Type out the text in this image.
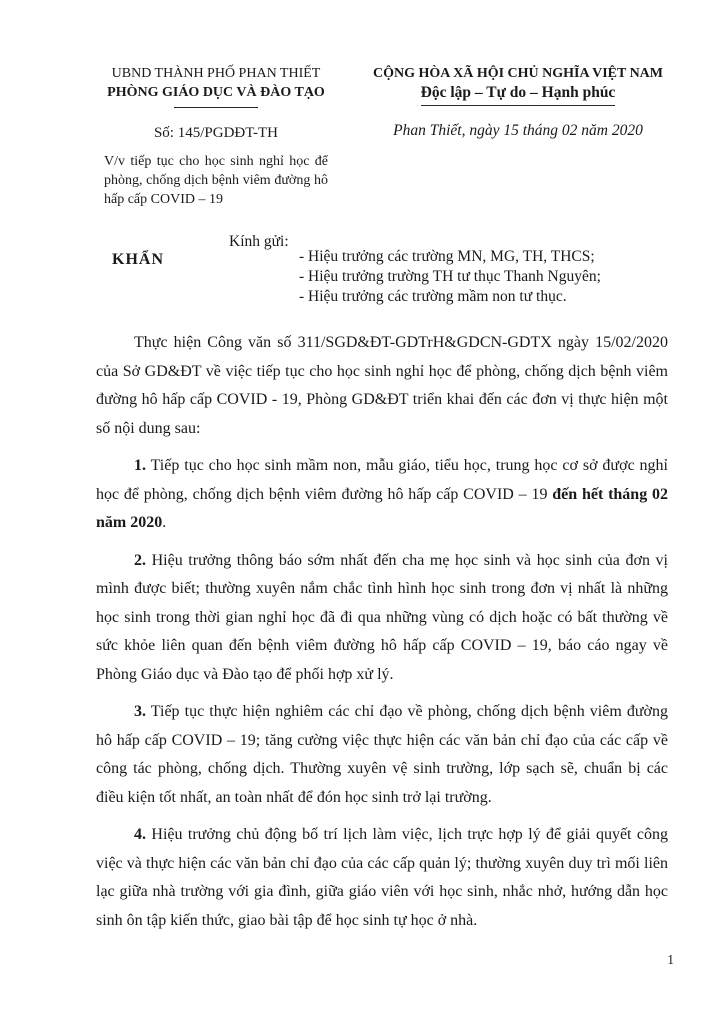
UBND THÀNH PHỐ PHAN THIẾT
PHÒNG GIÁO DỤC VÀ ĐÀO TẠO
Số: 145/PGDĐT-TH
V/v tiếp tục cho học sinh nghỉ học để phòng, chống dịch bệnh viêm đường hô hấp cấp COVID – 19
CỘNG HÒA XÃ HỘI CHỦ NGHĨA VIỆT NAM
Độc lập – Tự do – Hạnh phúc
Phan Thiết, ngày 15 tháng 02 năm 2020
KHẨN
Kính gửi:
- Hiệu trưởng các trường MN, MG, TH, THCS;
- Hiệu trưởng trường TH tư thục Thanh Nguyên;
- Hiệu trưởng các trường mầm non tư thục.

Thực hiện Công văn số 311/SGD&ĐT-GDTrH&GDCN-GDTX ngày 15/02/2020 của Sở GD&ĐT về việc tiếp tục cho học sinh nghỉ học để phòng, chống dịch bệnh viêm đường hô hấp cấp COVID - 19, Phòng GD&ĐT triển khai đến các đơn vị thực hiện một số nội dung sau:

1. Tiếp tục cho học sinh mầm non, mẫu giáo, tiểu học, trung học cơ sở được nghỉ học để phòng, chống dịch bệnh viêm đường hô hấp cấp COVID – 19 đến hết tháng 02 năm 2020.

2. Hiệu trưởng thông báo sớm nhất đến cha mẹ học sinh và học sinh của đơn vị mình được biết; thường xuyên nắm chắc tình hình học sinh trong đơn vị nhất là những học sinh trong thời gian nghỉ học đã đi qua những vùng có dịch hoặc có bất thường về sức khỏe liên quan đến bệnh viêm đường hô hấp cấp COVID – 19, báo cáo ngay về Phòng Giáo dục và Đào tạo để phối hợp xử lý.

3. Tiếp tục thực hiện nghiêm các chỉ đạo về phòng, chống dịch bệnh viêm đường hô hấp cấp COVID – 19; tăng cường việc thực hiện các văn bản chỉ đạo của các cấp về công tác phòng, chống dịch. Thường xuyên vệ sinh trường, lớp sạch sẽ, chuẩn bị các điều kiện tốt nhất, an toàn nhất để đón học sinh trở lại trường.

4. Hiệu trưởng chủ động bố trí lịch làm việc, lịch trực hợp lý để giải quyết công việc và thực hiện các văn bản chỉ đạo của các cấp quản lý; thường xuyên duy trì mối liên lạc giữa nhà trường với gia đình, giữa giáo viên với học sinh, nhắc nhở, hướng dẫn học sinh ôn tập kiến thức, giao bài tập để học sinh tự học ở nhà.

1
